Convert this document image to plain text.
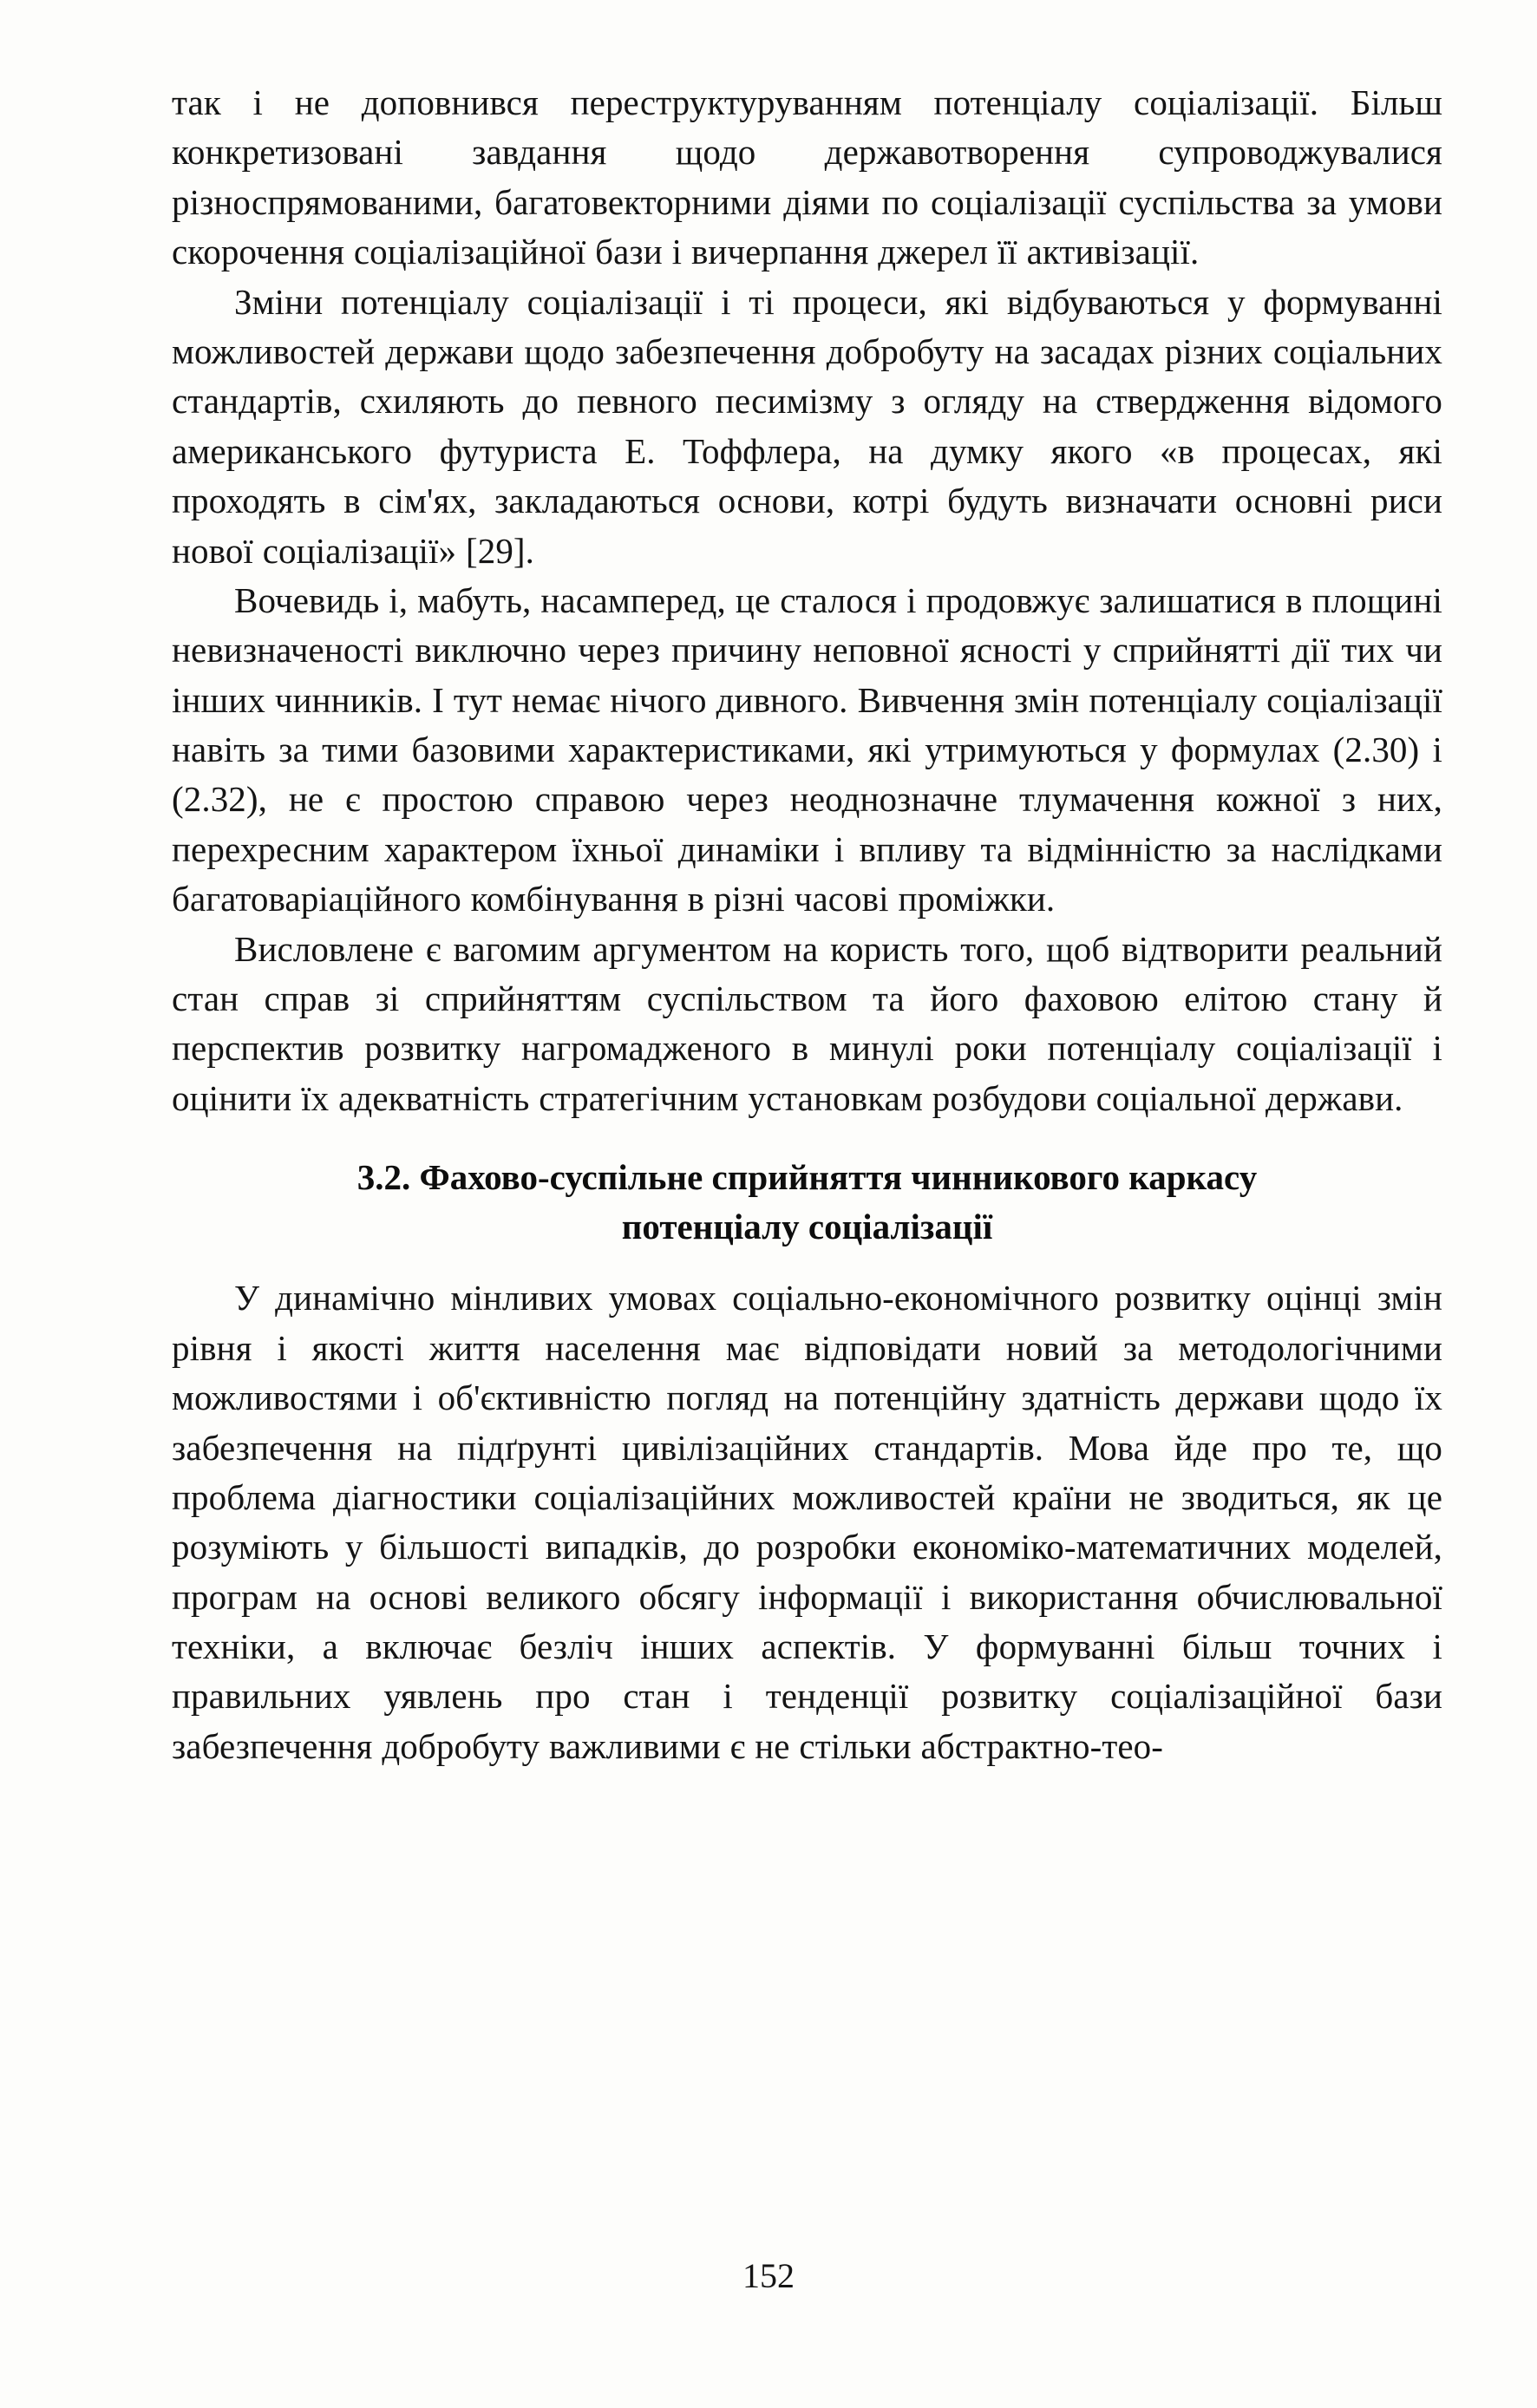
так і не доповнився переструктуруванням потенціалу соціалізації. Більш конкретизовані завдання щодо державотворення супроводжувалися різноспрямованими, багатовекторними діями по соціалізації суспільства за умови скорочення соціалізаційної бази і вичерпання джерел її активізації.

Зміни потенціалу соціалізації і ті процеси, які відбуваються у формуванні можливостей держави щодо забезпечення добробуту на засадах різних соціальних стандартів, схиляють до певного песимізму з огляду на ствердження відомого американського футуриста Е. Тоффлера, на думку якого «в процесах, які проходять в сім'ях, закладаються основи, котрі будуть визначати основні риси нової соціалізації» [29].

Вочевидь і, мабуть, насамперед, це сталося і продовжує залишатися в площині невизначеності виключно через причину неповної ясності у сприйнятті дії тих чи інших чинників. І тут немає нічого дивного. Вивчення змін потенціалу соціалізації навіть за тими базовими характеристиками, які утримуються у формулах (2.30) і (2.32), не є простою справою через неоднозначне тлумачення кожної з них, перехресним характером їхньої динаміки і впливу та відмінністю за наслідками багатоваріаційного комбінування в різні часові проміжки.

Висловлене є вагомим аргументом на користь того, щоб відтворити реальний стан справ зі сприйняттям суспільством та його фаховою елітою стану й перспектив розвитку нагромадженого в минулі роки потенціалу соціалізації і оцінити їх адекватність стратегічним установкам розбудови соціальної держави.

3.2. Фахово-суспільне сприйняття чинникового каркасу
потенціалу соціалізації

У динамічно мінливих умовах соціально-економічного розвитку оцінці змін рівня і якості життя населення має відповідати новий за методологічними можливостями і об'єктивністю погляд на потенційну здатність держави щодо їх забезпечення на підґрунті цивілізаційних стандартів. Мова йде про те, що проблема діагностики соціалізаційних можливостей країни не зводиться, як це розуміють у більшості випадків, до розробки економіко-математичних моделей, програм на основі великого обсягу інформації і використання обчислювальної техніки, а включає безліч інших аспектів. У формуванні більш точних і правильних уявлень про стан і тенденції розвитку соціалізаційної бази забезпечення добробуту важливими є не стільки абстрактно-тео-

152
